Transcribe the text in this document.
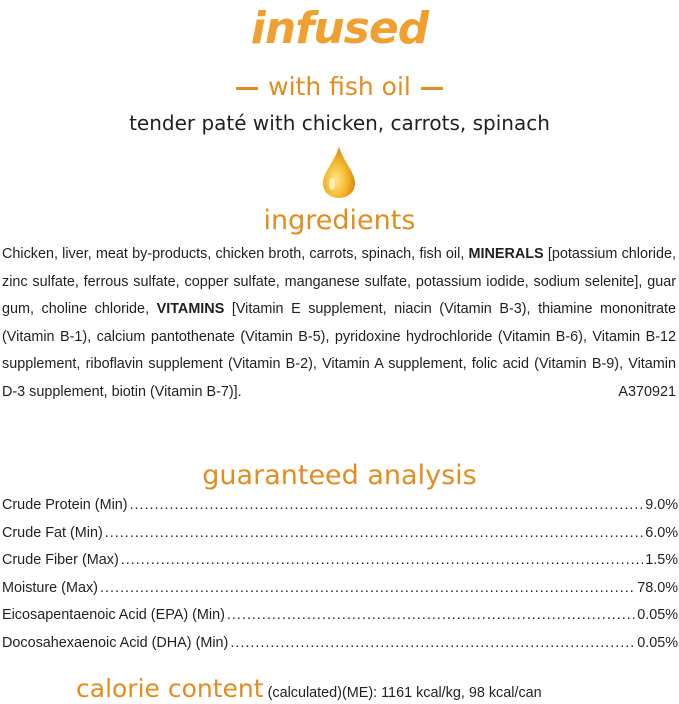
infused
with fish oil
tender paté with chicken, carrots, spinach
ingredients
Chicken, liver, meat by-products, chicken broth, carrots, spinach, fish oil, MINERALS [potassium chloride, zinc sulfate, ferrous sulfate, copper sulfate, manganese sulfate, potassium iodide, sodium selenite], guar gum, choline chloride, VITAMINS [Vitamin E supplement, niacin (Vitamin B-3), thiamine mononitrate (Vitamin B-1), calcium pantothenate (Vitamin B-5), pyridoxine hydrochloride (Vitamin B-6), Vitamin B-12 supplement, riboflavin supplement (Vitamin B-2), Vitamin A supplement, folic acid (Vitamin B-9), Vitamin D-3 supplement, biotin (Vitamin B-7)].	A370921
guaranteed analysis
Crude Protein (Min) .....	9.0%
Crude Fat (Min) .....	6.0%
Crude Fiber (Max) .....	1.5%
Moisture (Max) .....	78.0%
Eicosapentaenoic Acid (EPA) (Min) .....	0.05%
Docosahexaenoic Acid (DHA) (Min) .....	0.05%
calorie content (calculated)(ME): 1161 kcal/kg, 98 kcal/can
